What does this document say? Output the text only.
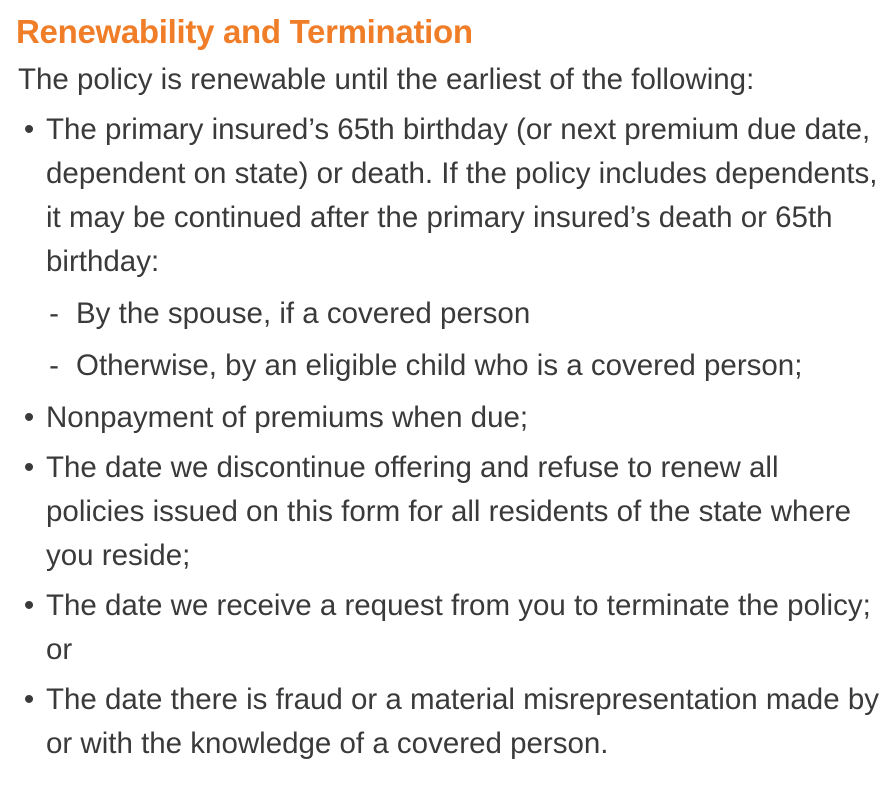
Renewability and Termination

The policy is renewable until the earliest of the following:

• The primary insured’s 65th birthday (or next premium due date, dependent on state) or death. If the policy includes dependents, it may be continued after the primary insured’s death or 65th birthday:
- By the spouse, if a covered person
- Otherwise, by an eligible child who is a covered person;
• Nonpayment of premiums when due;
• The date we discontinue offering and refuse to renew all policies issued on this form for all residents of the state where you reside;
• The date we receive a request from you to terminate the policy; or
• The date there is fraud or a material misrepresentation made by or with the knowledge of a covered person.
